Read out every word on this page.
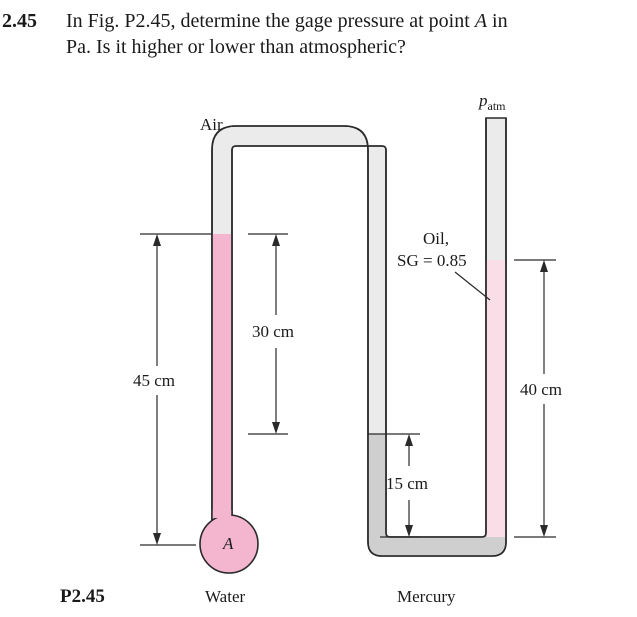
2.45 In Fig. P2.45, determine the gage pressure at point A in
Pa. Is it higher or lower than atmospheric?
Air
$p_{atm}$
Oil,
SG = 0.85
45 cm
30 cm
15 cm
40 cm
A
Water	Mercury
P2.45
